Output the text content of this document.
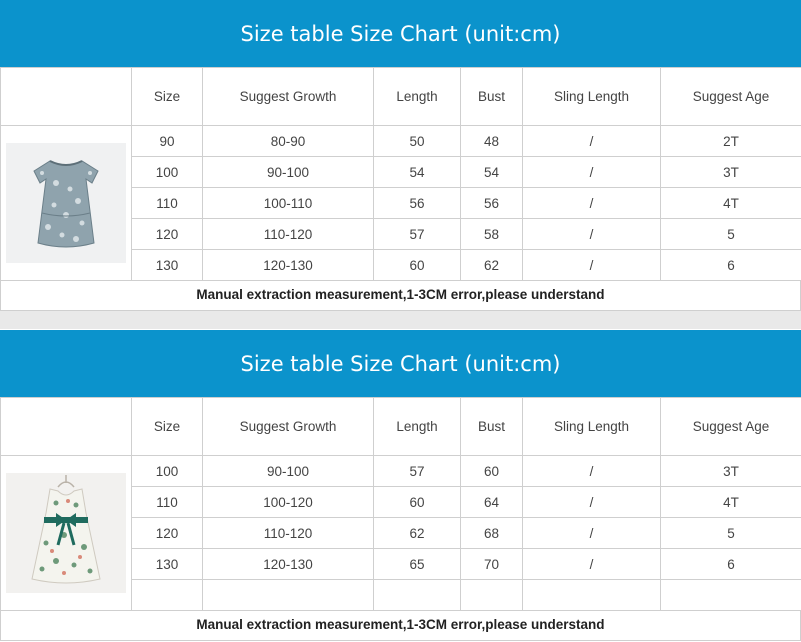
Size table Size Chart (unit:cm)
	Size	Suggest Growth	Length	Bust	Sling Length	Suggest Age

	90	80-90	50	48	/	2T
	100	90-100	54	54	/	3T
	110	100-110	56	56	/	4T
	120	110-120	57	58	/	5
	130	120-130	60	62	/	6
Manual extraction measurement,1-3CM error,please understand
Size table Size Chart (unit:cm)
	Size	Suggest Growth	Length	Bust	Sling Length	Suggest Age

	100	90-100	57	60	/	3T
	110	100-120	60	64	/	4T
	120	110-120	62	68	/	5
	130	120-130	65	70	/	6

Manual extraction measurement,1-3CM error,please understand
